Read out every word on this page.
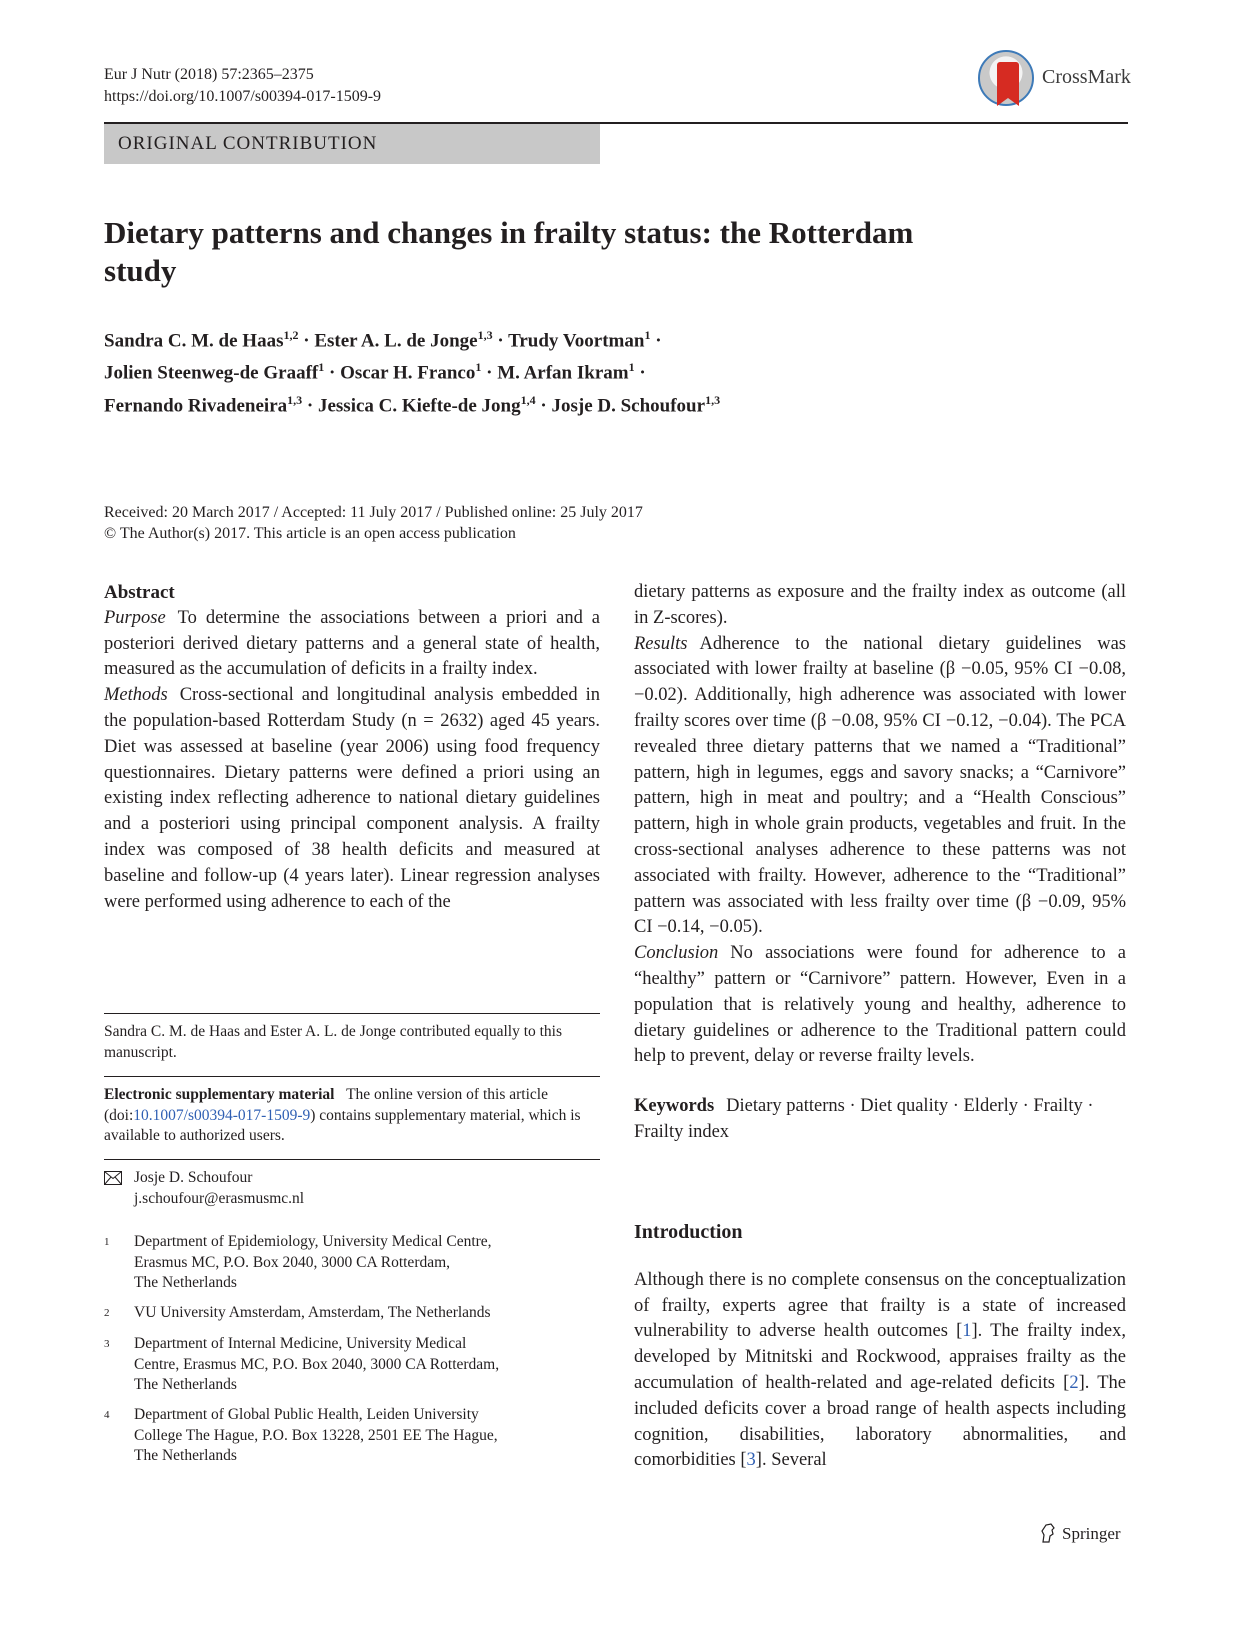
Eur J Nutr (2018) 57:2365–2375
https://doi.org/10.1007/s00394-017-1509-9
CrossMark
ORIGINAL CONTRIBUTION
Dietary patterns and changes in frailty status: the Rotterdam
study
Sandra C. M. de Haas$^{1,2}$ · Ester A. L. de Jonge$^{1,3}$ · Trudy Voortman$^1$ ·
Jolien Steenweg-de Graaff$^1$ · Oscar H. Franco$^1$ · M. Arfan Ikram$^1$ ·
Fernando Rivadeneira$^{1,3}$ · Jessica C. Kiefte-de Jong$^{1,4}$ · Josje D. Schoufour$^{1,3}$
Received: 20 March 2017 / Accepted: 11 July 2017 / Published online: 25 July 2017
© The Author(s) 2017. This article is an open access publication
Abstract
Purpose To determine the associations between a priori and a posteriori derived dietary patterns and a general state of health, measured as the accumulation of deficits in a frailty index.
Methods Cross-sectional and longitudinal analysis embedded in the population-based Rotterdam Study (n = 2632) aged 45 years. Diet was assessed at baseline (year 2006) using food frequency questionnaires. Dietary patterns were defined a priori using an existing index reflecting adherence to national dietary guidelines and a posteriori using principal component analysis. A frailty index was composed of 38 health deficits and measured at baseline and follow-up (4 years later). Linear regression analyses were performed using adherence to each of the
Sandra C. M. de Haas and Ester A. L. de Jonge contributed equally to this manuscript.
Electronic supplementary material The online version of this article (doi:10.1007/s00394-017-1509-9) contains supplementary material, which is available to authorized users.
Josje D. Schoufour
j.schoufour@erasmusmc.nl
1 Department of Epidemiology, University Medical Centre,
Erasmus MC, P.O. Box 2040, 3000 CA Rotterdam,
The Netherlands
2 VU University Amsterdam, Amsterdam, The Netherlands
3 Department of Internal Medicine, University Medical
Centre, Erasmus MC, P.O. Box 2040, 3000 CA Rotterdam,
The Netherlands
4 Department of Global Public Health, Leiden University
College The Hague, P.O. Box 13228, 2501 EE The Hague,
The Netherlands
dietary patterns as exposure and the frailty index as outcome (all in Z-scores).
Results Adherence to the national dietary guidelines was associated with lower frailty at baseline (β −0.05, 95% CI −0.08, −0.02). Additionally, high adherence was associated with lower frailty scores over time (β −0.08, 95% CI −0.12, −0.04). The PCA revealed three dietary patterns that we named a “Traditional” pattern, high in legumes, eggs and savory snacks; a “Carnivore” pattern, high in meat and poultry; and a “Health Conscious” pattern, high in whole grain products, vegetables and fruit. In the cross-sectional analyses adherence to these patterns was not associated with frailty. However, adherence to the “Traditional” pattern was associated with less frailty over time (β −0.09, 95% CI −0.14, −0.05).
Conclusion No associations were found for adherence to a “healthy” pattern or “Carnivore” pattern. However, Even in a population that is relatively young and healthy, adherence to dietary guidelines or adherence to the Traditional pattern could help to prevent, delay or reverse frailty levels.
Keywords Dietary patterns · Diet quality · Elderly · Frailty · Frailty index
Introduction
Although there is no complete consensus on the conceptualization of frailty, experts agree that frailty is a state of increased vulnerability to adverse health outcomes [1]. The frailty index, developed by Mitnitski and Rockwood, appraises frailty as the accumulation of health-related and age-related deficits [2]. The included deficits cover a broad range of health aspects including cognition, disabilities, laboratory abnormalities, and comorbidities [3]. Several
Springer
